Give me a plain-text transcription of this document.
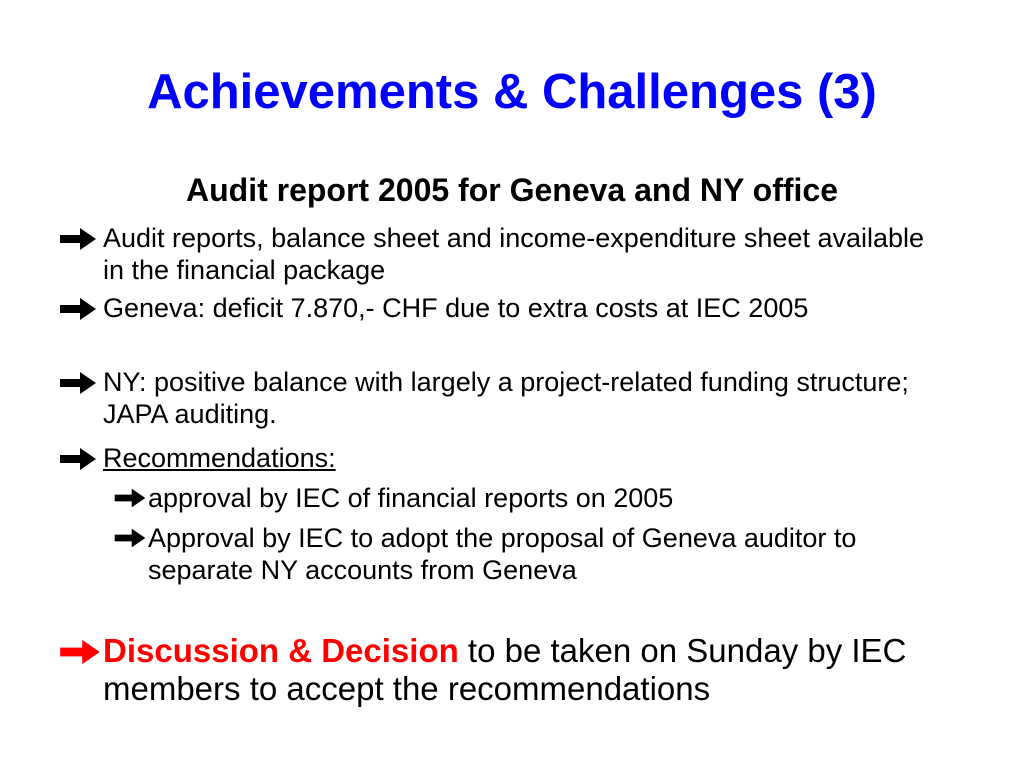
Achievements & Challenges (3)
Audit report 2005 for Geneva and NY office
Audit reports, balance sheet and income-expenditure sheet available in the financial package
Geneva: deficit 7.870,- CHF due to extra costs at IEC 2005
NY: positive balance with largely a project-related funding structure; JAPA auditing.
Recommendations:
approval by IEC of financial reports on 2005
Approval by IEC to adopt the proposal of Geneva auditor to separate NY accounts from Geneva
Discussion & Decision to be taken on Sunday by IEC members to accept the recommendations
